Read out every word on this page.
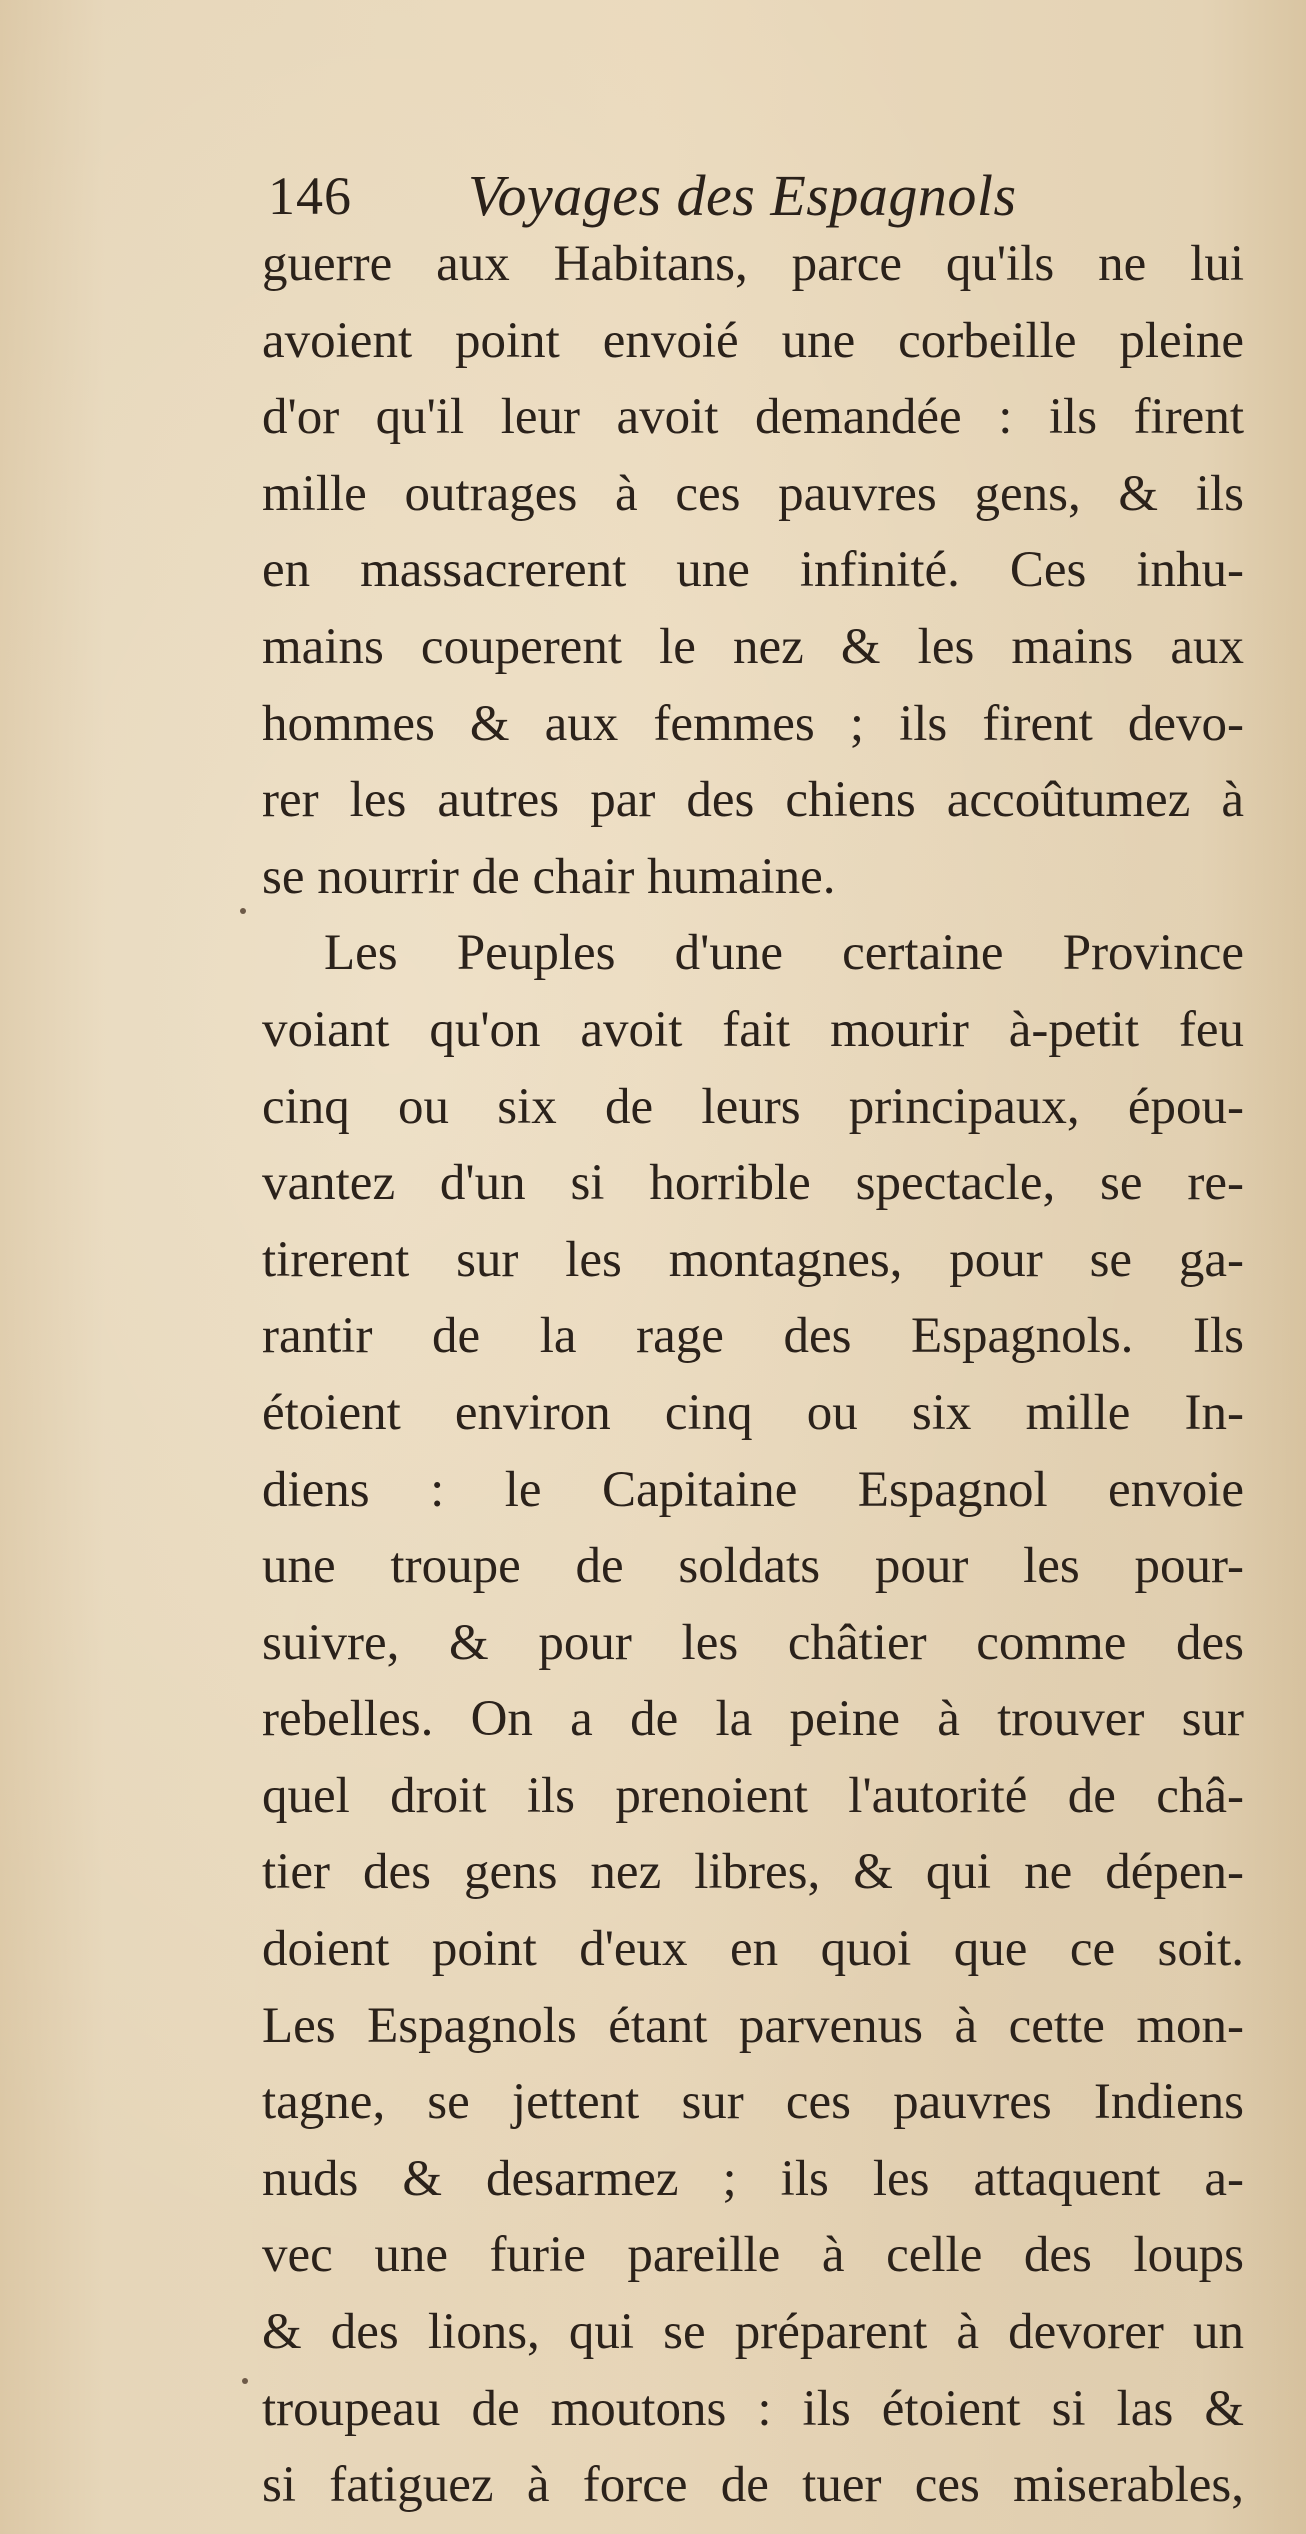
146 Voyages des Espagnols
guerre aux Habitans, parce qu'ils ne lui
avoient point envoié une corbeille pleine
d'or qu'il leur avoit demandée : ils firent
mille outrages à ces pauvres gens, & ils
en massacrerent une infinité. Ces inhu-
mains couperent le nez & les mains aux
hommes & aux femmes ; ils firent devo-
rer les autres par des chiens accoûtumez à
se nourrir de chair humaine.
Les Peuples d'une certaine Province
voiant qu'on avoit fait mourir à-petit feu
cinq ou six de leurs principaux, épou-
vantez d'un si horrible spectacle, se re-
tirerent sur les montagnes, pour se ga-
rantir de la rage des Espagnols. Ils
étoient environ cinq ou six mille In-
diens : le Capitaine Espagnol envoie
une troupe de soldats pour les pour-
suivre, & pour les châtier comme des
rebelles. On a de la peine à trouver sur
quel droit ils prenoient l'autorité de châ-
tier des gens nez libres, & qui ne dépen-
doient point d'eux en quoi que ce soit.
Les Espagnols étant parvenus à cette mon-
tagne, se jettent sur ces pauvres Indiens
nuds & desarmez ; ils les attaquent a-
vec une furie pareille à celle des loups
& des lions, qui se préparent à devorer un
troupeau de moutons : ils étoient si las &
si fatiguez à force de tuer ces miserables,
